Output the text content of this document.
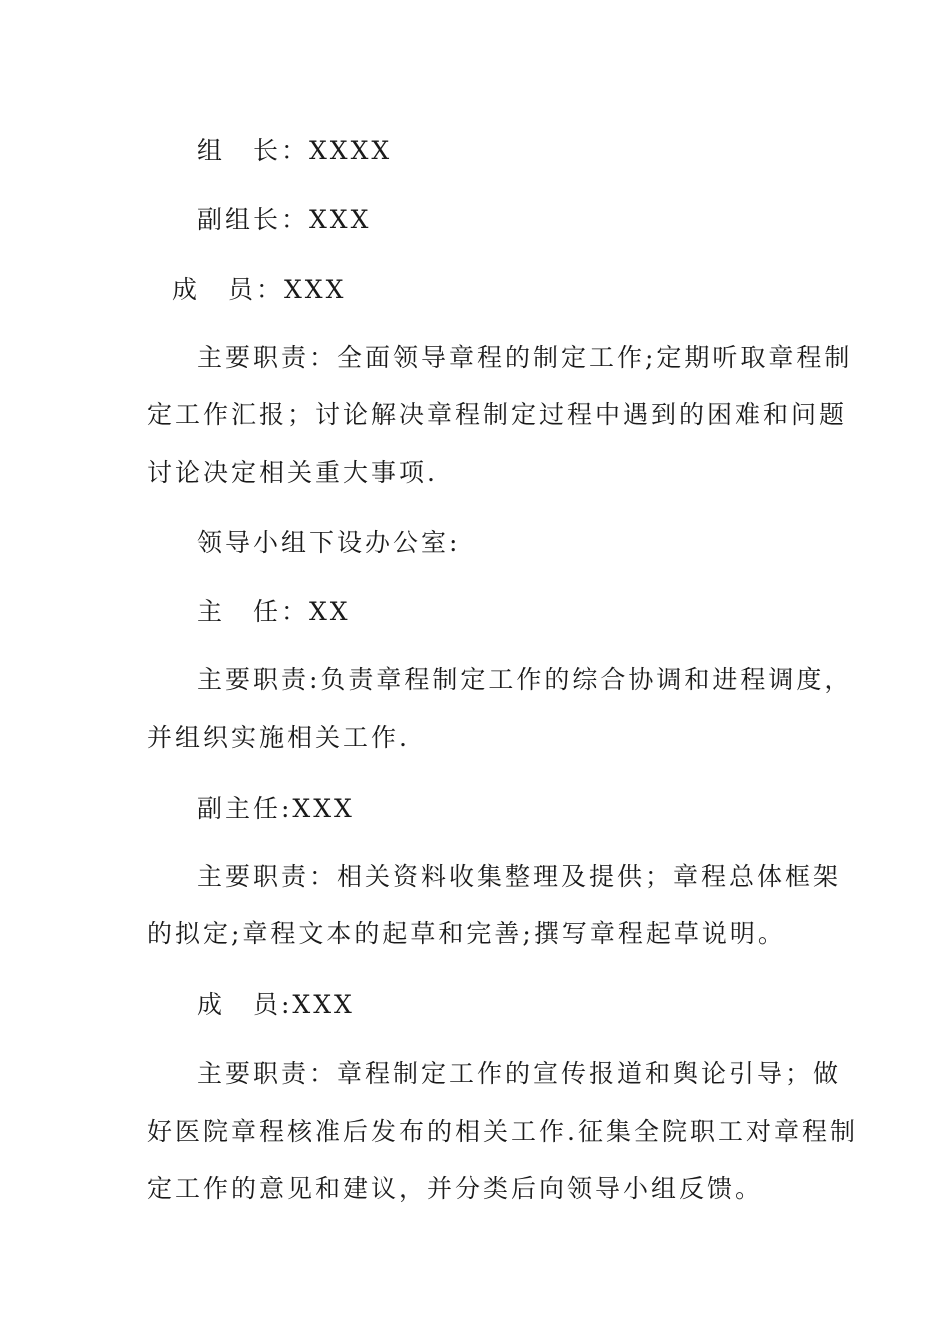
组　长：XXXX
副组长：XXX
成　员：XXX
主要职责：全面领导章程的制定工作;定期听取章程制
定工作汇报；讨论解决章程制定过程中遇到的困难和问题
讨论决定相关重大事项.
领导小组下设办公室:
主　任：XX
主要职责:负责章程制定工作的综合协调和进程调度，
并组织实施相关工作.
副主任:XXX
主要职责：相关资料收集整理及提供；章程总体框架
的拟定;章程文本的起草和完善;撰写章程起草说明。
成　员:XXX
主要职责：章程制定工作的宣传报道和舆论引导；做
好医院章程核准后发布的相关工作.征集全院职工对章程制
定工作的意见和建议，并分类后向领导小组反馈。
